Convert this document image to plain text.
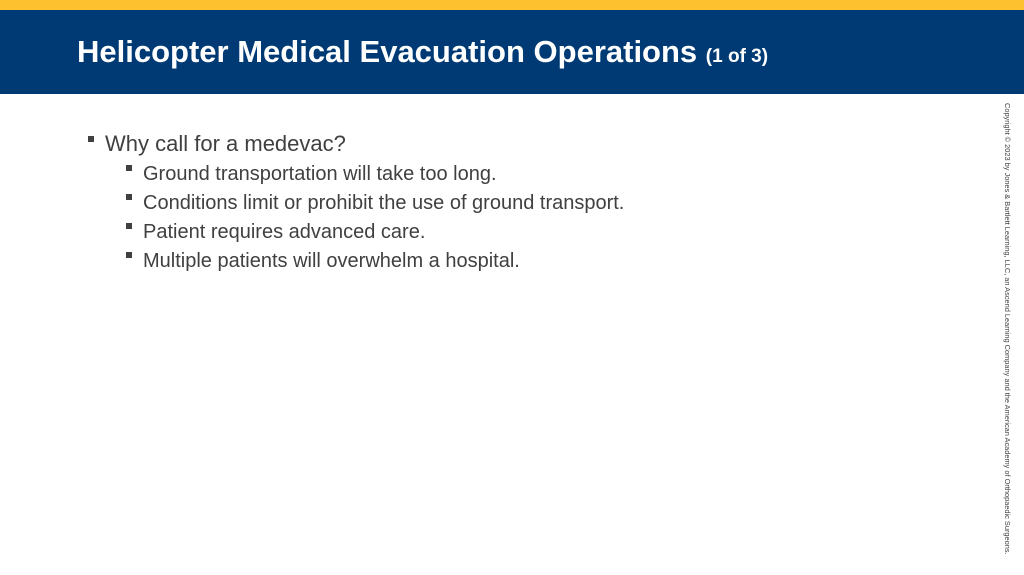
Helicopter Medical Evacuation Operations (1 of 3)
Why call for a medevac?
Ground transportation will take too long.
Conditions limit or prohibit the use of ground transport.
Patient requires advanced care.
Multiple patients will overwhelm a hospital.	Copyright © 2023 by Jones & Bartlett Learning, LLC, an Ascend Learning Company and the American Academy of Orthopaedic Surgeons.
